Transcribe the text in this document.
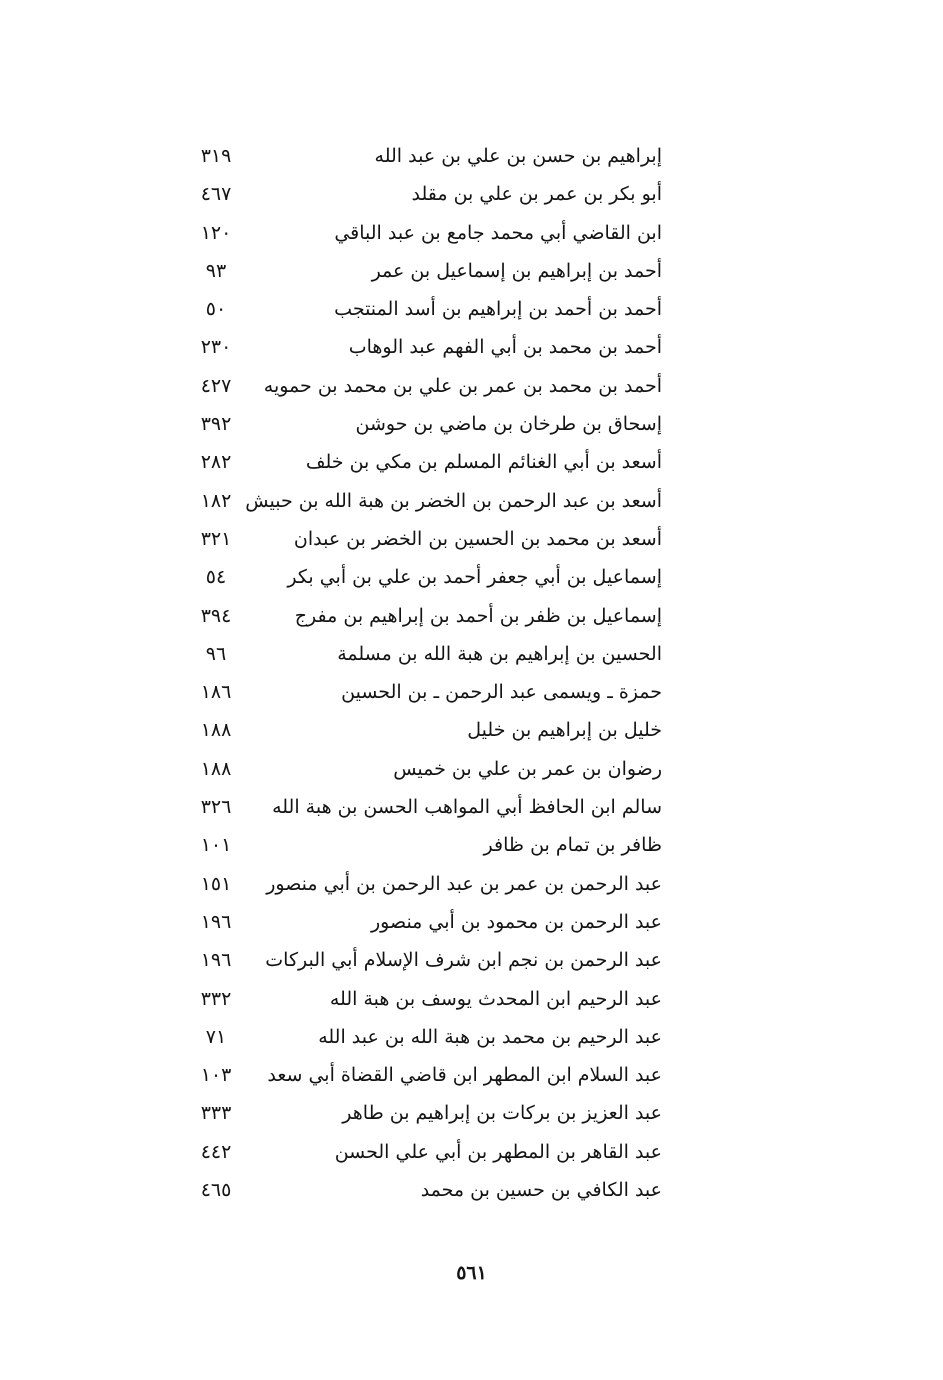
إبراهيم بن حسن بن علي بن عبد الله
٣١٩
أبو بكر بن عمر بن علي بن مقلد
٤٦٧
ابن القاضي أبي محمد جامع بن عبد الباقي
١٢٠
أحمد بن إبراهيم بن إسماعيل بن عمر
٩٣
أحمد بن أحمد بن إبراهيم بن أسد المنتجب
٥٠
أحمد بن محمد بن أبي الفهم عبد الوهاب
٢٣٠
أحمد بن محمد بن عمر بن علي بن محمد بن حمويه
٤٢٧
إسحاق بن طرخان بن ماضي بن حوشن
٣٩٢
أسعد بن أبي الغنائم المسلم بن مكي بن خلف
٢٨٢
أسعد بن عبد الرحمن بن الخضر بن هبة الله بن حبيش
١٨٢
أسعد بن محمد بن الحسين بن الخضر بن عبدان
٣٢١
إسماعيل بن أبي جعفر أحمد بن علي بن أبي بكر
٥٤
إسماعيل بن ظفر بن أحمد بن إبراهيم بن مفرج
٣٩٤
الحسين بن إبراهيم بن هبة الله بن مسلمة
٩٦
حمزة ـ ويسمى عبد الرحمن ـ بن الحسين
١٨٦
خليل بن إبراهيم بن خليل
١٨٨
رضوان بن عمر بن علي بن خميس
١٨٨
سالم ابن الحافظ أبي المواهب الحسن بن هبة الله
٣٢٦
ظافر بن تمام بن ظافر
١٠١
عبد الرحمن بن عمر بن عبد الرحمن بن أبي منصور
١٥١
عبد الرحمن بن محمود بن أبي منصور
١٩٦
عبد الرحمن بن نجم ابن شرف الإسلام أبي البركات
١٩٦
عبد الرحيم ابن المحدث يوسف بن هبة الله
٣٣٢
عبد الرحيم بن محمد بن هبة الله بن عبد الله
٧١
عبد السلام ابن المطهر ابن قاضي القضاة أبي سعد
١٠٣
عبد العزيز بن بركات بن إبراهيم بن طاهر
٣٣٣
عبد القاهر بن المطهر بن أبي علي الحسن
٤٤٢
عبد الكافي بن حسين بن محمد
٤٦٥
٥٦١
